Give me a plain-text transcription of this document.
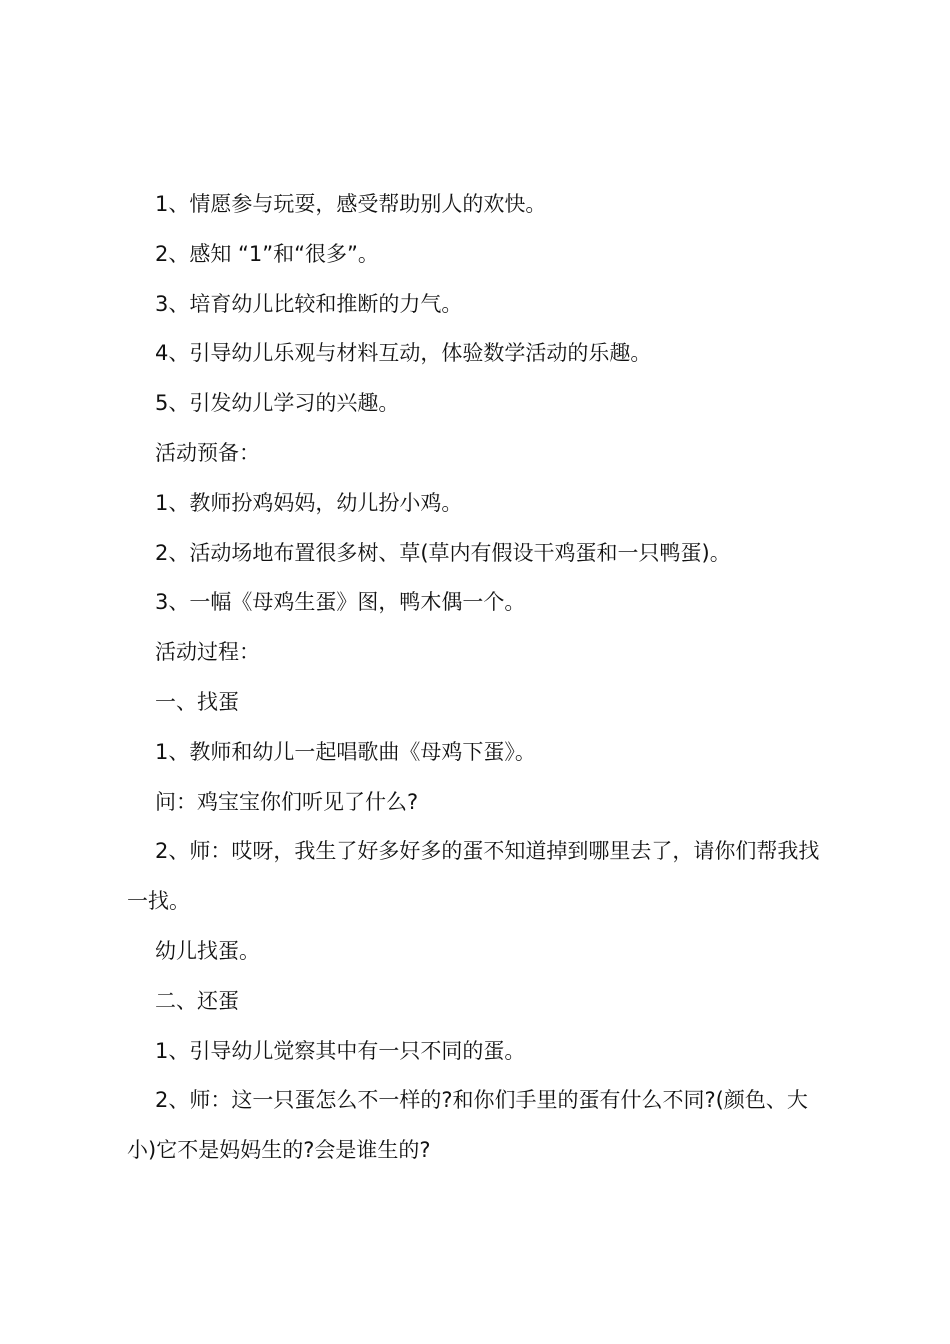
1、情愿参与玩耍，感受帮助别人的欢快。

2、感知 “1”和“很多”。

3、培育幼儿比较和推断的力气。

4、引导幼儿乐观与材料互动，体验数学活动的乐趣。

5、引发幼儿学习的兴趣。

活动预备：

1、教师扮鸡妈妈，幼儿扮小鸡。

2、活动场地布置很多树、草(草内有假设干鸡蛋和一只鸭蛋)。

3、一幅《母鸡生蛋》图，鸭木偶一个。

活动过程：

一、找蛋

1、教师和幼儿一起唱歌曲《母鸡下蛋》。

问：鸡宝宝你们听见了什么?

2、师：哎呀，我生了好多好多的蛋不知道掉到哪里去了，请你们帮我找一找。

幼儿找蛋。

二、还蛋

1、引导幼儿觉察其中有一只不同的蛋。

2、师：这一只蛋怎么不一样的?和你们手里的蛋有什么不同?(颜色、大小)它不是妈妈生的?会是谁生的?
